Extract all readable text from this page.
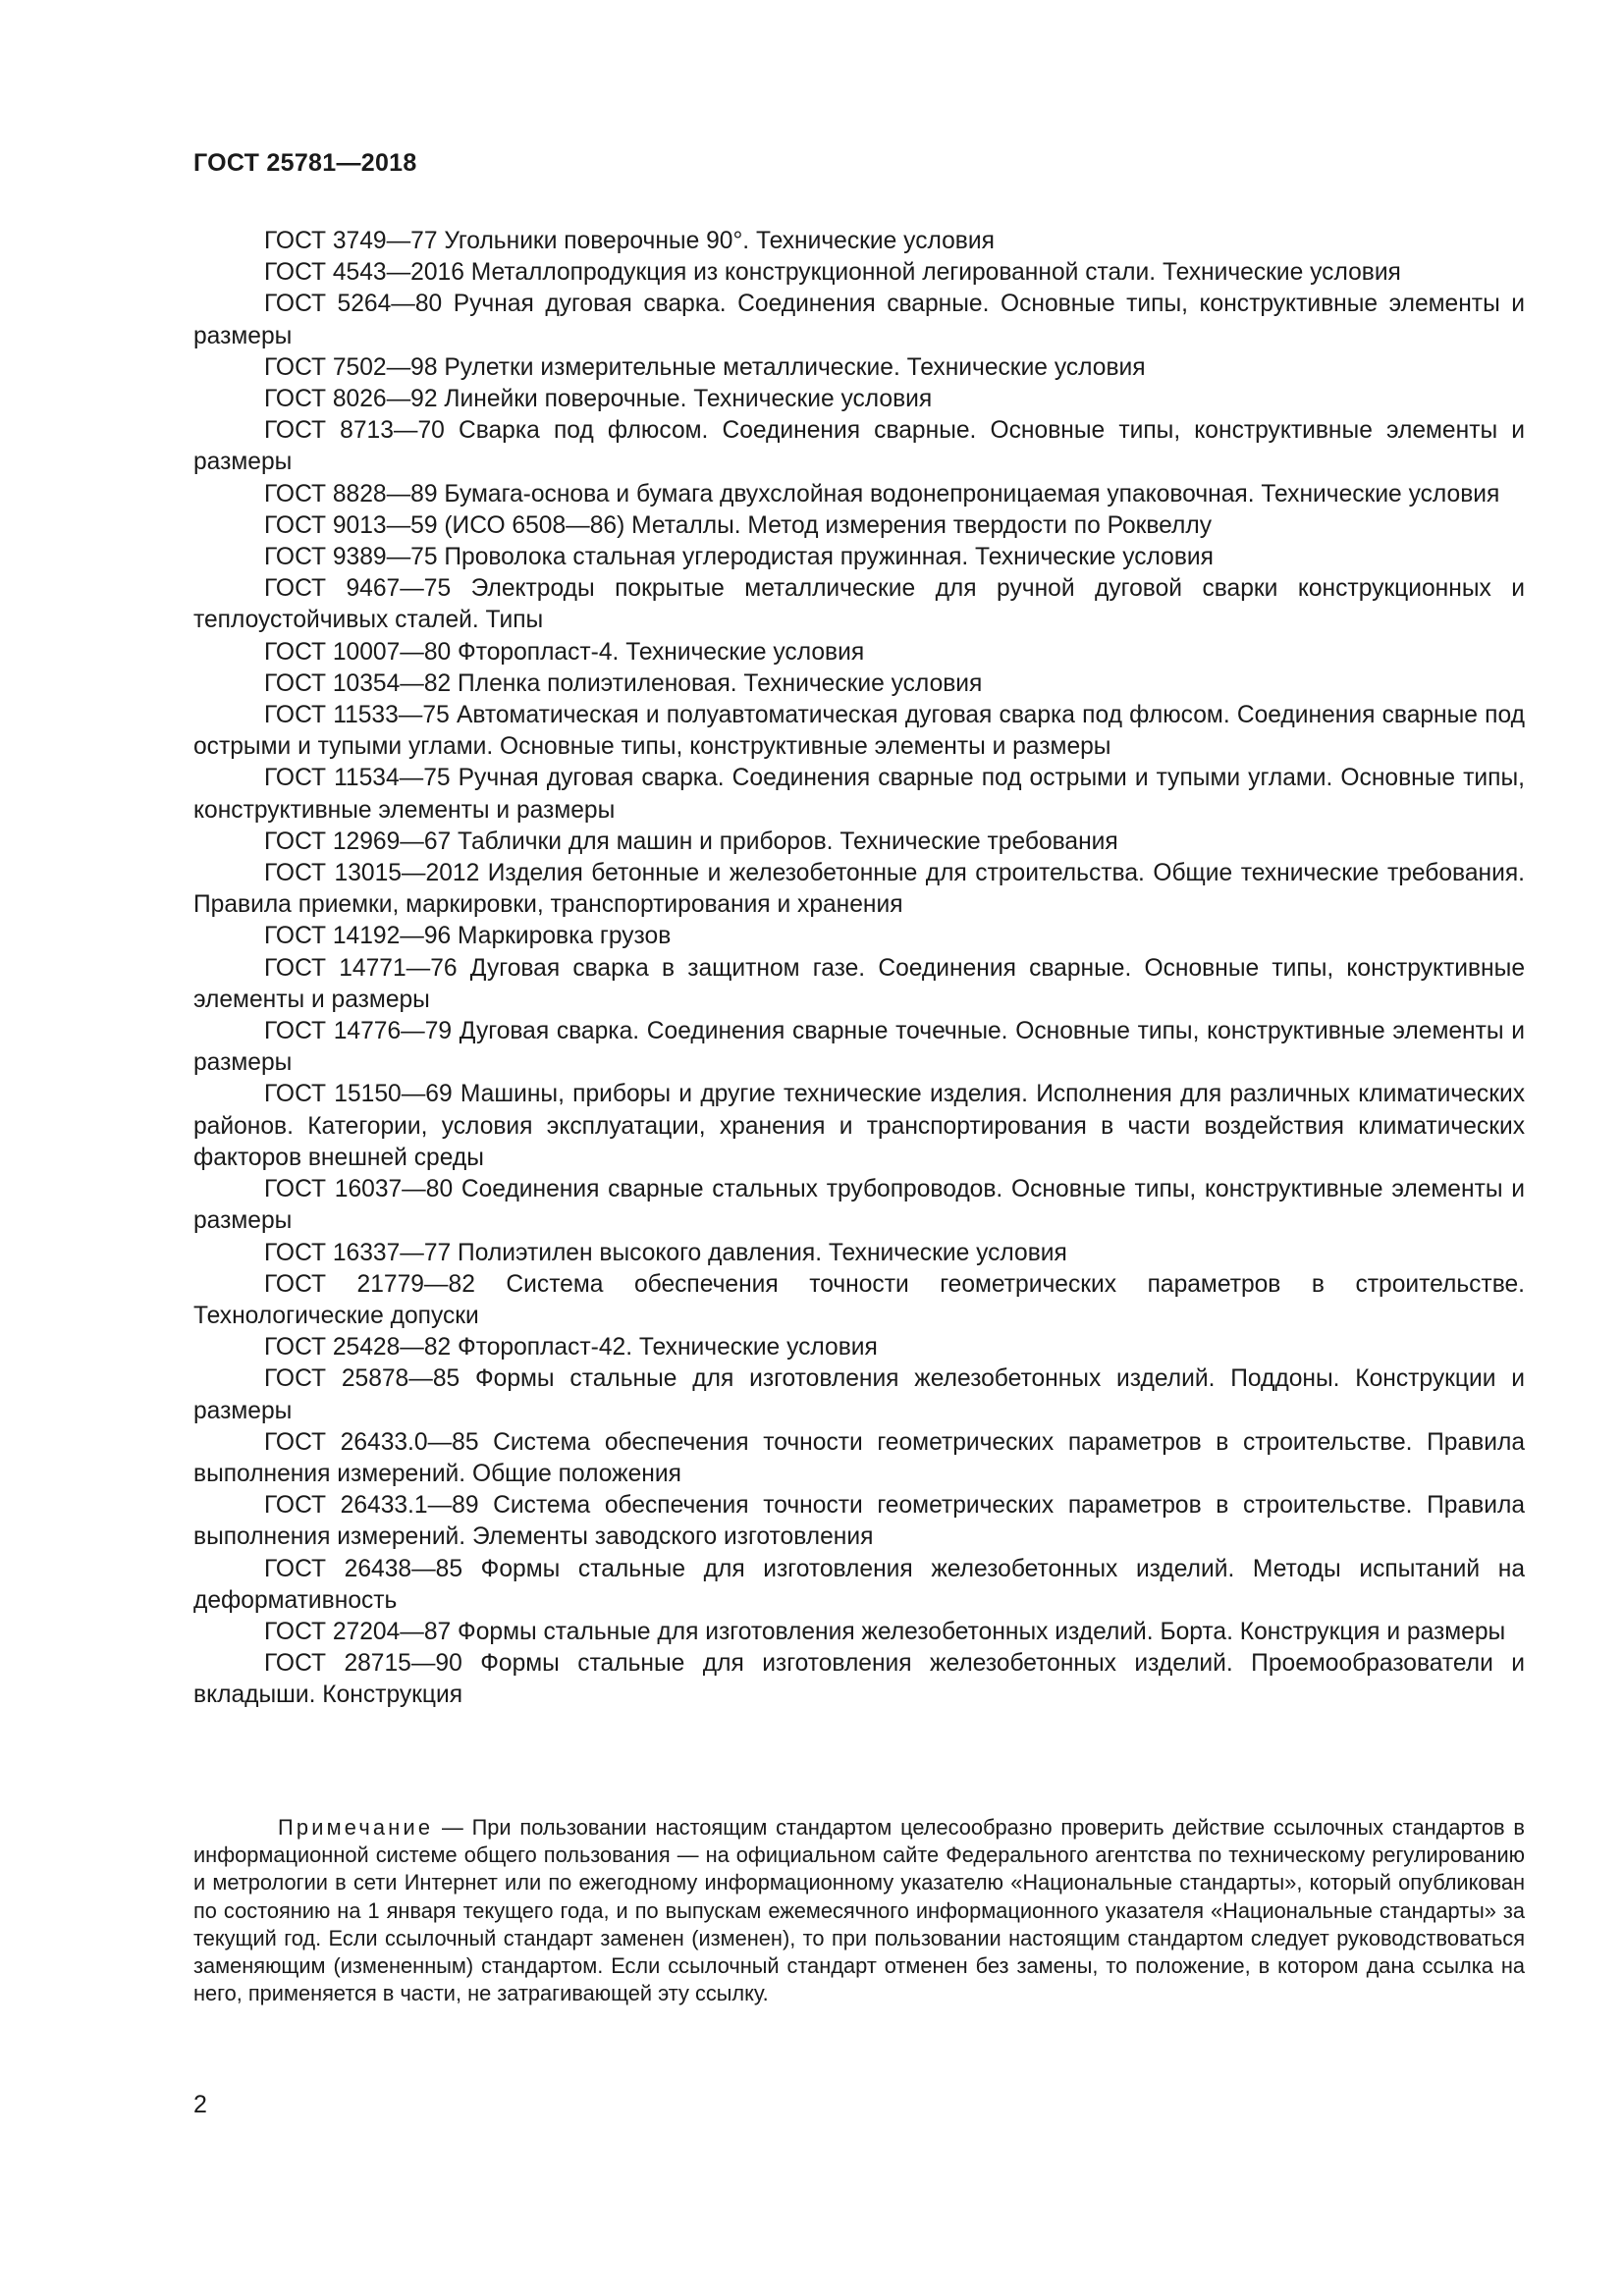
ГОСТ 25781—2018

ГОСТ 3749—77 Угольники поверочные 90°. Технические условия

ГОСТ 4543—2016 Металлопродукция из конструкционной легированной стали. Технические условия

ГОСТ 5264—80 Ручная дуговая сварка. Соединения сварные. Основные типы, конструктивные элементы и размеры

ГОСТ 7502—98 Рулетки измерительные металлические. Технические условия

ГОСТ 8026—92 Линейки поверочные. Технические условия

ГОСТ 8713—70 Сварка под флюсом. Соединения сварные. Основные типы, конструктивные элементы и размеры

ГОСТ 8828—89 Бумага-основа и бумага двухслойная водонепроницаемая упаковочная. Технические условия

ГОСТ 9013—59 (ИСО 6508—86) Металлы. Метод измерения твердости по Роквеллу

ГОСТ 9389—75 Проволока стальная углеродистая пружинная. Технические условия

ГОСТ 9467—75 Электроды покрытые металлические для ручной дуговой сварки конструкционных и теплоустойчивых сталей. Типы

ГОСТ 10007—80 Фторопласт-4. Технические условия

ГОСТ 10354—82 Пленка полиэтиленовая. Технические условия

ГОСТ 11533—75 Автоматическая и полуавтоматическая дуговая сварка под флюсом. Соединения сварные под острыми и тупыми углами. Основные типы, конструктивные элементы и размеры

ГОСТ 11534—75 Ручная дуговая сварка. Соединения сварные под острыми и тупыми углами. Основные типы, конструктивные элементы и размеры

ГОСТ 12969—67 Таблички для машин и приборов. Технические требования

ГОСТ 13015—2012 Изделия бетонные и железобетонные для строительства. Общие технические требования. Правила приемки, маркировки, транспортирования и хранения

ГОСТ 14192—96 Маркировка грузов

ГОСТ 14771—76 Дуговая сварка в защитном газе. Соединения сварные. Основные типы, конструктивные элементы и размеры

ГОСТ 14776—79 Дуговая сварка. Соединения сварные точечные. Основные типы, конструктивные элементы и размеры

ГОСТ 15150—69 Машины, приборы и другие технические изделия. Исполнения для различных климатических районов. Категории, условия эксплуатации, хранения и транспортирования в части воздействия климатических факторов внешней среды

ГОСТ 16037—80 Соединения сварные стальных трубопроводов. Основные типы, конструктивные элементы и размеры

ГОСТ 16337—77 Полиэтилен высокого давления. Технические условия

ГОСТ 21779—82 Система обеспечения точности геометрических параметров в строительстве. Технологические допуски

ГОСТ 25428—82 Фторопласт-42. Технические условия

ГОСТ 25878—85 Формы стальные для изготовления железобетонных изделий. Поддоны. Конструкции и размеры

ГОСТ 26433.0—85 Система обеспечения точности геометрических параметров в строительстве. Правила выполнения измерений. Общие положения

ГОСТ 26433.1—89 Система обеспечения точности геометрических параметров в строительстве. Правила выполнения измерений. Элементы заводского изготовления

ГОСТ 26438—85 Формы стальные для изготовления железобетонных изделий. Методы испытаний на деформативность

ГОСТ 27204—87 Формы стальные для изготовления железобетонных изделий. Борта. Конструкция и размеры

ГОСТ 28715—90 Формы стальные для изготовления железобетонных изделий. Проемообразователи и вкладыши. Конструкция

Примечание — При пользовании настоящим стандартом целесообразно проверить действие ссылочных стандартов в информационной системе общего пользования — на официальном сайте Федерального агентства по техническому регулированию и метрологии в сети Интернет или по ежегодному информационному указателю «Национальные стандарты», который опубликован по состоянию на 1 января текущего года, и по выпускам ежемесячного информационного указателя «Национальные стандарты» за текущий год. Если ссылочный стандарт заменен (изменен), то при пользовании настоящим стандартом следует руководствоваться заменяющим (измененным) стандартом. Если ссылочный стандарт отменен без замены, то положение, в котором дана ссылка на него, применяется в части, не затрагивающей эту ссылку.

2
